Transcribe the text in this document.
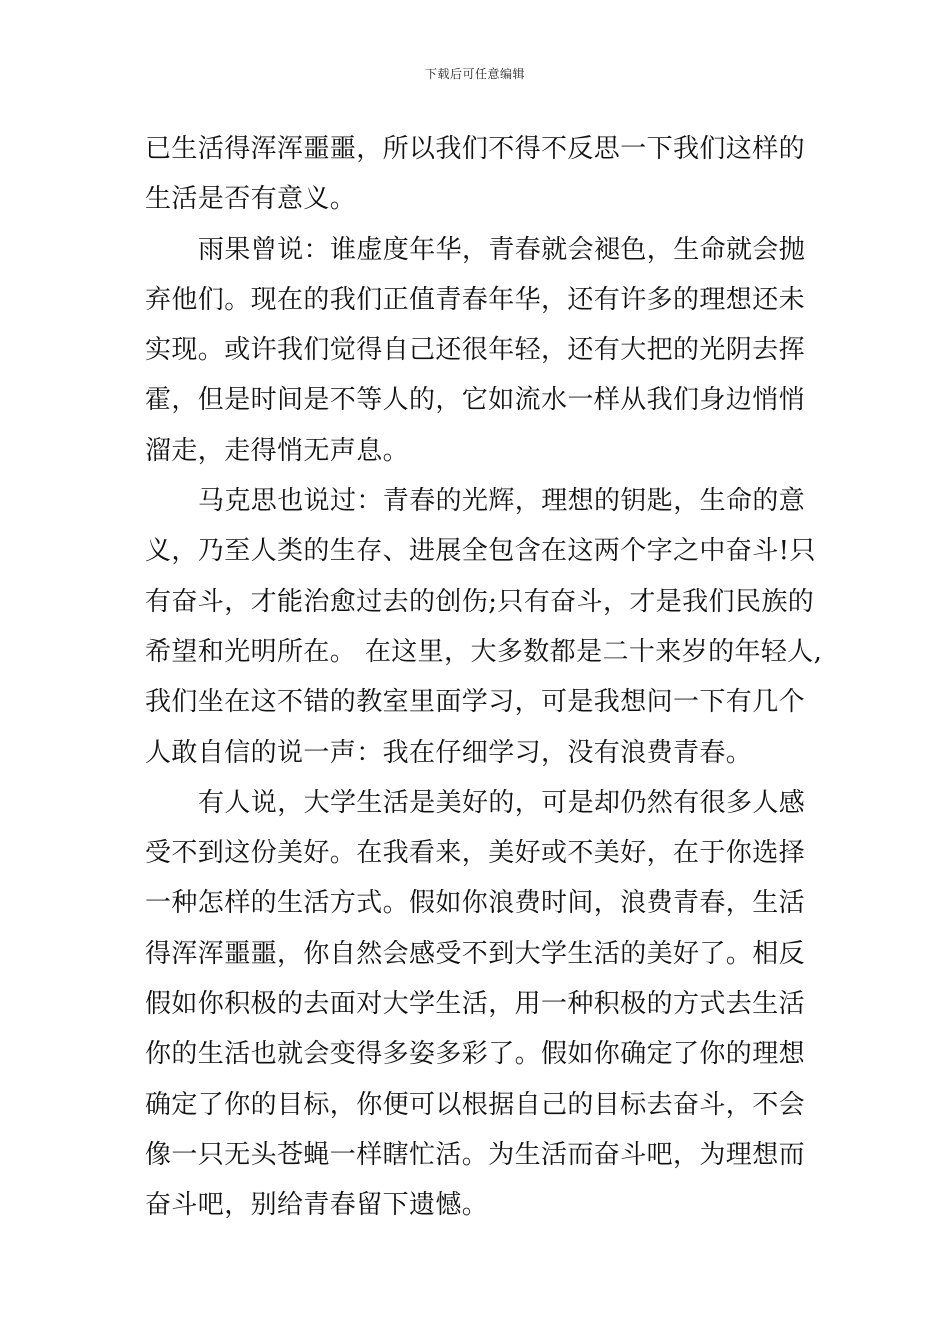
下载后可任意编辑
已生活得浑浑噩噩，所以我们不得不反思一下我们这样的
生活是否有意义。
雨果曾说：谁虚度年华，青春就会褪色，生命就会抛
弃他们。现在的我们正值青春年华，还有许多的理想还未
实现。或许我们觉得自己还很年轻，还有大把的光阴去挥
霍，但是时间是不等人的，它如流水一样从我们身边悄悄
溜走，走得悄无声息。
马克思也说过：青春的光辉，理想的钥匙，生命的意
义，乃至人类的生存、进展全包含在这两个字之中奋斗!只
有奋斗，才能治愈过去的创伤;只有奋斗，才是我们民族的
希望和光明所在。 在这里，大多数都是二十来岁的年轻人,
我们坐在这不错的教室里面学习，可是我想问一下有几个
人敢自信的说一声：我在仔细学习，没有浪费青春。
有人说，大学生活是美好的，可是却仍然有很多人感
受不到这份美好。在我看来，美好或不美好，在于你选择
一种怎样的生活方式。假如你浪费时间，浪费青春，生活
得浑浑噩噩，你自然会感受不到大学生活的美好了。相反
假如你积极的去面对大学生活，用一种积极的方式去生活
你的生活也就会变得多姿多彩了。假如你确定了你的理想
确定了你的目标，你便可以根据自己的目标去奋斗，不会
像一只无头苍蝇一样瞎忙活。为生活而奋斗吧，为理想而
奋斗吧，别给青春留下遗憾。
